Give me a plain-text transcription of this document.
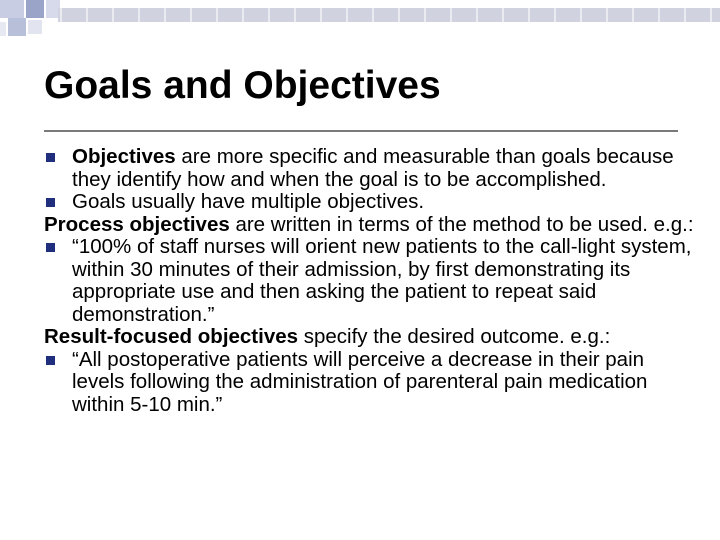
Goals and Objectives

Objectives are more specific and measurable than goals because they identify how and when the goal is to be accomplished.

Goals usually have multiple objectives.

Process objectives are written in terms of the method to be used. e.g.:

“100% of staff nurses will orient new patients to the call-light system, within 30 minutes of their admission, by first demonstrating its appropriate use and then asking the patient to repeat said demonstration.”

Result-focused objectives specify the desired outcome. e.g.:

“All postoperative patients will perceive a decrease in their pain levels following the administration of parenteral pain medication within 5-10 min.”
